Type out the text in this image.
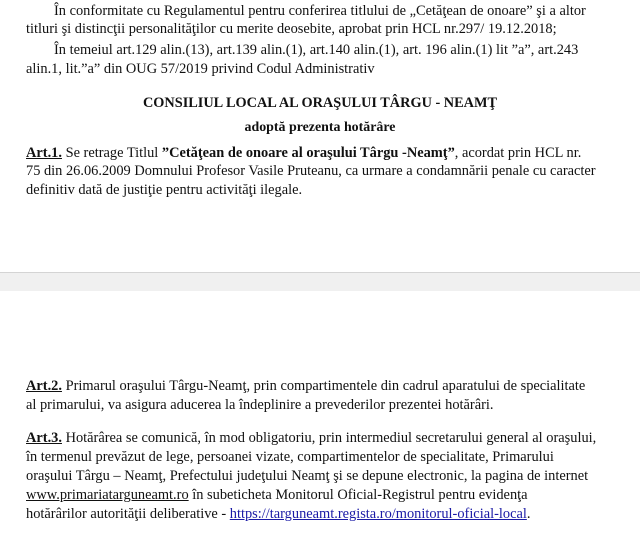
În conformitate cu Regulamentul pentru conferirea titlului de „Cetăţean de onoare” şi a altor
titluri şi distincţii personalităţilor cu merite deosebite, aprobat prin HCL nr.297/ 19.12.2018;
În temeiul art.129 alin.(13), art.139 alin.(1), art.140 alin.(1), art. 196 alin.(1) lit ”a”, art.243
alin.1, lit.”a” din OUG 57/2019 privind Codul Administrativ
CONSILIUL LOCAL AL ORAŞULUI TÂRGU - NEAMŢ
adoptă prezenta hotărâre
Art.1. Se retrage Titlul ”Cetăţean de onoare al oraşului Târgu -Neamţ”, acordat prin HCL nr.
75 din 26.06.2009 Domnului Profesor Vasile Pruteanu, ca urmare a condamnării penale cu caracter
definitiv dată de justiţie pentru activităţi ilegale.
Art.2. Primarul oraşului Târgu-Neamţ, prin compartimentele din cadrul aparatului de specialitate
al primarului, va asigura aducerea la îndeplinire a prevederilor prezentei hotărâri.
Art.3. Hotărârea se comunică, în mod obligatoriu, prin intermediul secretarului general al oraşului,
în termenul prevăzut de lege, persoanei vizate, compartimentelor de specialitate, Primarului
oraşului Târgu – Neamţ, Prefectului judeţului Neamţ şi se depune electronic, la pagina de internet
www.primariatarguneamt.ro în subeticheta Monitorul Oficial-Registrul pentru evidenţa
hotărârilor autorităţii deliberative - https://targuneamt.regista.ro/monitorul-oficial-local.
